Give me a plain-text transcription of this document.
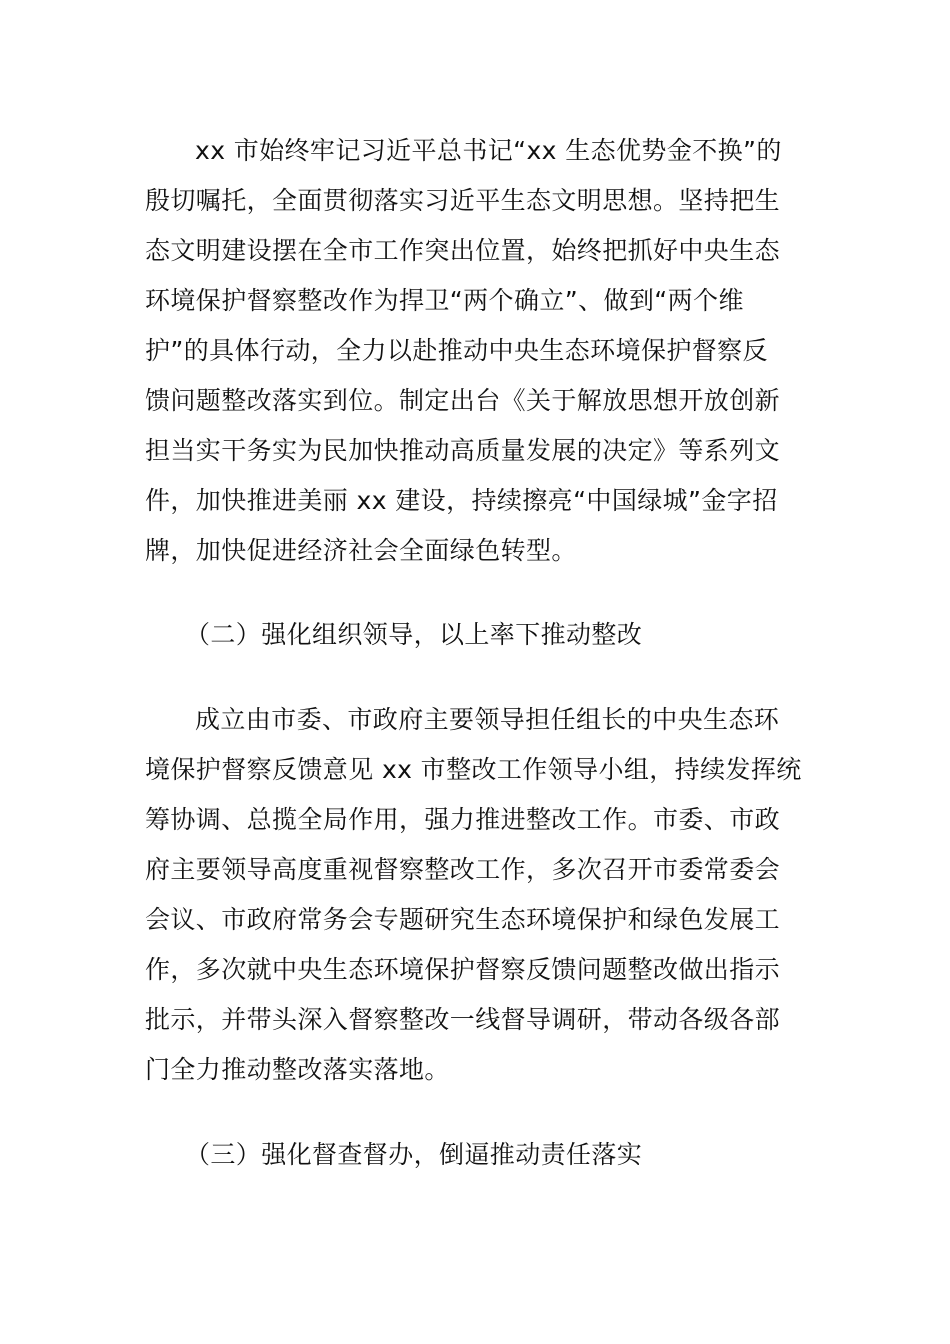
xx 市始终牢记习近平总书记“xx 生态优势金不换”的
殷切嘱托，全面贯彻落实习近平生态文明思想。坚持把生
态文明建设摆在全市工作突出位置，始终把抓好中央生态
环境保护督察整改作为捍卫“两个确立”、做到“两个维
护”的具体行动，全力以赴推动中央生态环境保护督察反
馈问题整改落实到位。制定出台《关于解放思想开放创新
担当实干务实为民加快推动高质量发展的决定》等系列文
件，加快推进美丽 xx 建设，持续擦亮“中国绿城”金字招
牌，加快促进经济社会全面绿色转型。
（二）强化组织领导，以上率下推动整改
成立由市委、市政府主要领导担任组长的中央生态环
境保护督察反馈意见 xx 市整改工作领导小组，持续发挥统
筹协调、总揽全局作用，强力推进整改工作。市委、市政
府主要领导高度重视督察整改工作，多次召开市委常委会
会议、市政府常务会专题研究生态环境保护和绿色发展工
作，多次就中央生态环境保护督察反馈问题整改做出指示
批示，并带头深入督察整改一线督导调研，带动各级各部
门全力推动整改落实落地。
（三）强化督查督办，倒逼推动责任落实
